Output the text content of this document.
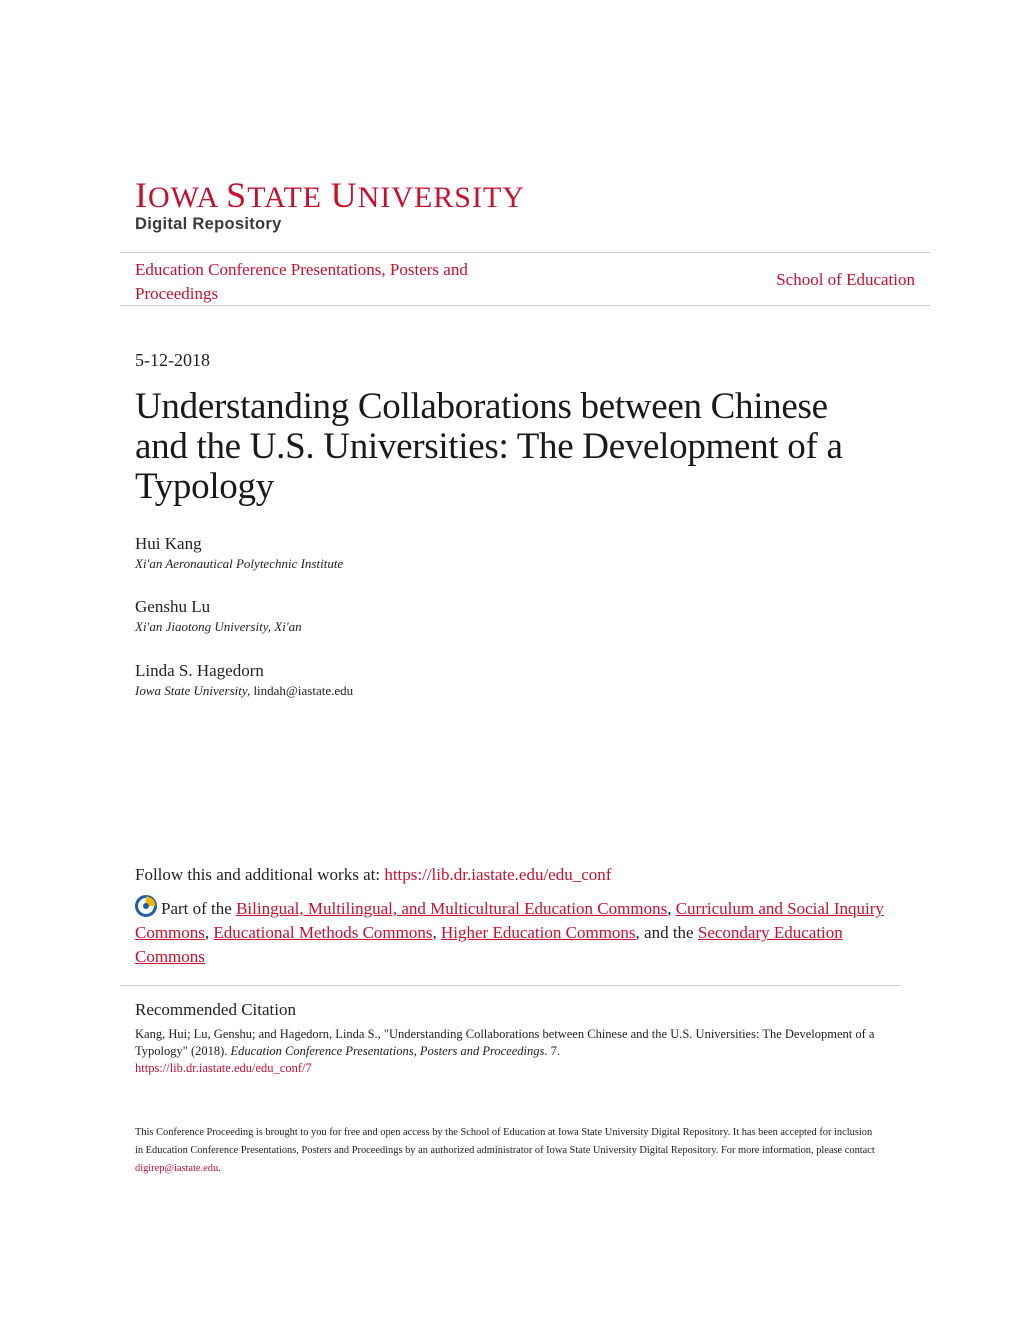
IOWA STATE UNIVERSITY
Digital Repository
Education Conference Presentations, Posters and Proceedings
School of Education
5-12-2018
Understanding Collaborations between Chinese and the U.S. Universities: The Development of a Typology
Hui Kang
Xi'an Aeronautical Polytechnic Institute
Genshu Lu
Xi'an Jiaotong University, Xi'an
Linda S. Hagedorn
Iowa State University, lindah@iastate.edu
Follow this and additional works at: https://lib.dr.iastate.edu/edu_conf
Part of the Bilingual, Multilingual, and Multicultural Education Commons, Curriculum and Social Inquiry Commons, Educational Methods Commons, Higher Education Commons, and the Secondary Education Commons
Recommended Citation
Kang, Hui; Lu, Genshu; and Hagedorn, Linda S., "Understanding Collaborations between Chinese and the U.S. Universities: The Development of a Typology" (2018). Education Conference Presentations, Posters and Proceedings. 7.
https://lib.dr.iastate.edu/edu_conf/7
This Conference Proceeding is brought to you for free and open access by the School of Education at Iowa State University Digital Repository. It has been accepted for inclusion in Education Conference Presentations, Posters and Proceedings by an authorized administrator of Iowa State University Digital Repository. For more information, please contact digirep@iastate.edu.
